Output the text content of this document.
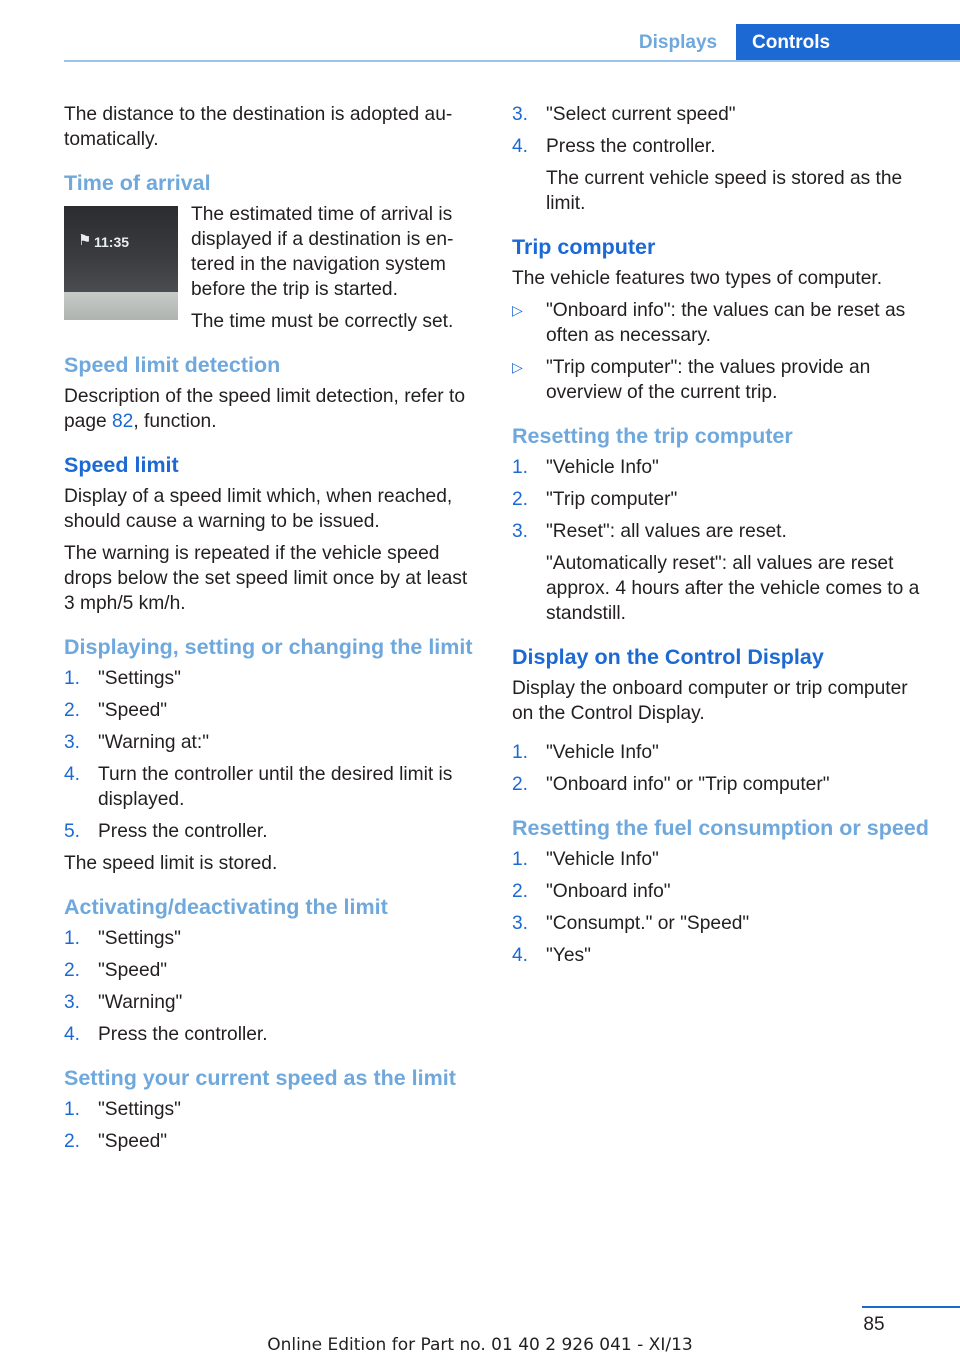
Displays	Controls

The distance to the destination is adopted au-tomatically.

Time of arrival
⚑ 11:35

The estimated time of arrival is displayed if a destination is en-tered in the navigation system before the trip is started.

The time must be correctly set.

Speed limit detection

Description of the speed limit detection, refer to page 82, function.

Speed limit

Display of a speed limit which, when reached, should cause a warning to be issued.

The warning is repeated if the vehicle speed drops below the set speed limit once by at least 3 mph/5 km/h.

Displaying, setting or changing the limit
1. "Settings"
2. "Speed"
3. "Warning at:"
4. Turn the controller until the desired limit is displayed.
5. Press the controller.

The speed limit is stored.

Activating/deactivating the limit
1. "Settings"
2. "Speed"
3. "Warning"
4. Press the controller.
Setting your current speed as the limit
1. "Settings"
2. "Speed"
3. "Select current speed"
4. Press the controller.

The current vehicle speed is stored as the limit.

Trip computer

The vehicle features two types of computer.

▷ "Onboard info": the values can be reset as often as necessary.
▷ "Trip computer": the values provide an overview of the current trip.
Resetting the trip computer
1. "Vehicle Info"
2. "Trip computer"
3. "Reset": all values are reset.

"Automatically reset": all values are reset approx. 4 hours after the vehicle comes to a standstill.

Display on the Control Display

Display the onboard computer or trip computer on the Control Display.

1. "Vehicle Info"
2. "Onboard info" or "Trip computer"
Resetting the fuel consumption or speed
1. "Vehicle Info"
2. "Onboard info"
3. "Consumpt." or "Speed"
4. "Yes"
85
Online Edition for Part no. 01 40 2 926 041 - XI/13
